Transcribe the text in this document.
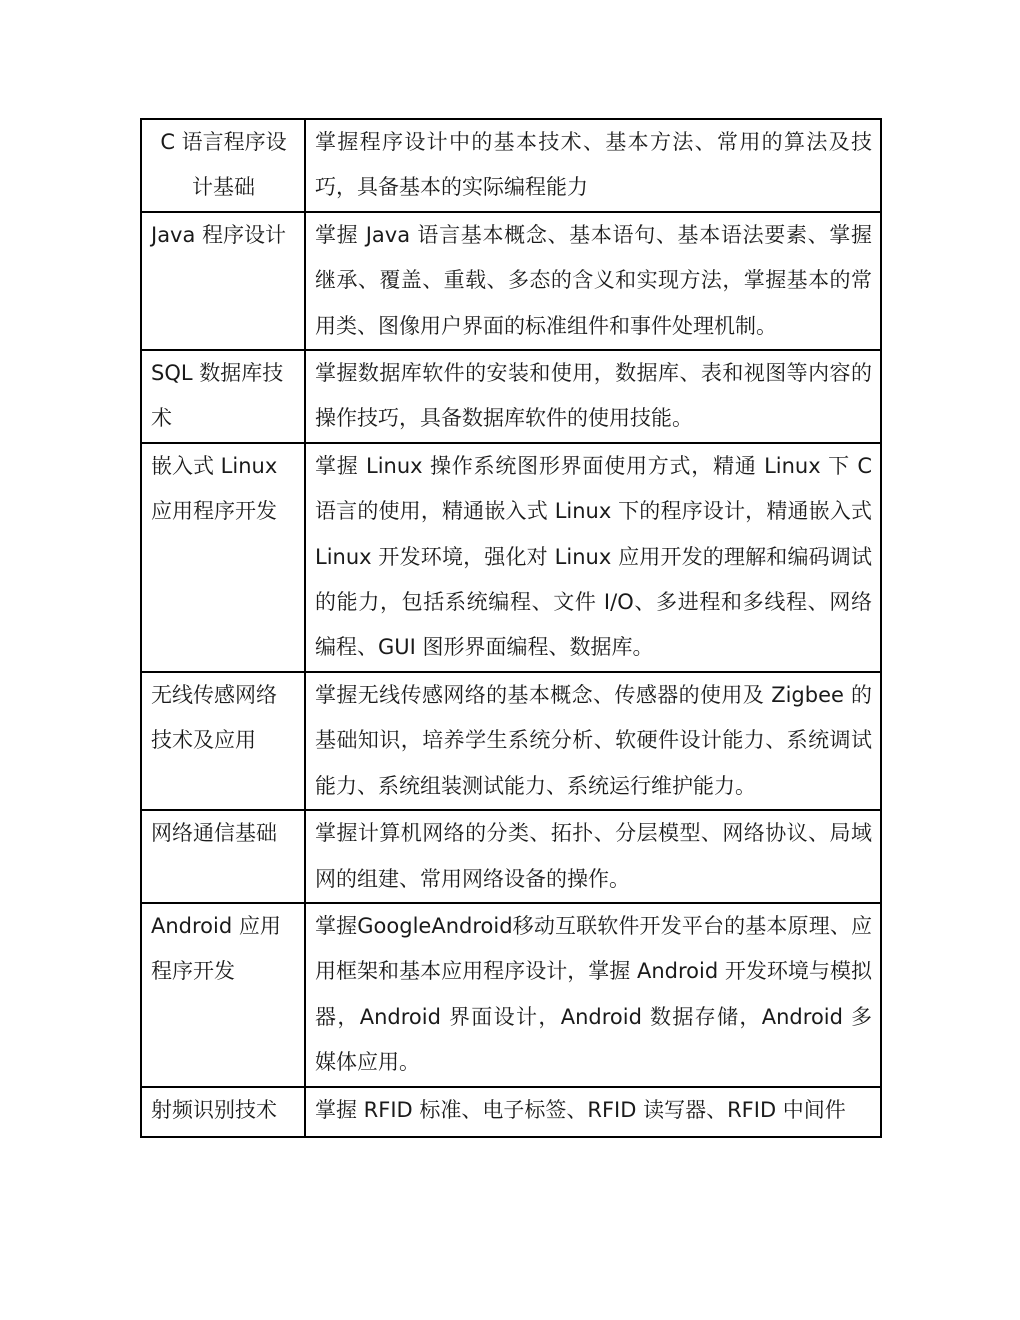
C 语言程序设计基础	掌握程序设计中的基本技术、基本方法、常用的算法及技巧，具备基本的实际编程能力
Java 程序设计	掌握 Java 语言基本概念、基本语句、基本语法要素、掌握继承、覆盖、重载、多态的含义和实现方法，掌握基本的常用类、图像用户界面的标准组件和事件处理机制。
SQL 数据库技术	掌握数据库软件的安装和使用，数据库、表和视图等内容的操作技巧，具备数据库软件的使用技能。
嵌入式 Linux 应用程序开发	掌握 Linux 操作系统图形界面使用方式，精通 Linux 下 C 语言的使用，精通嵌入式 Linux 下的程序设计，精通嵌入式 Linux 开发环境，强化对 Linux 应用开发的理解和编码调试的能力，包括系统编程、文件 I/O、多进程和多线程、网络编程、GUI 图形界面编程、数据库。
无线传感网络技术及应用	掌握无线传感网络的基本概念、传感器的使用及 Zigbee 的基础知识，培养学生系统分析、软硬件设计能力、系统调试能力、系统组装测试能力、系统运行维护能力。
网络通信基础	掌握计算机网络的分类、拓扑、分层模型、网络协议、局域网的组建、常用网络设备的操作。
Android 应用程序开发	掌握GoogleAndroid移动互联软件开发平台的基本原理、应用框架和基本应用程序设计，掌握 Android 开发环境与模拟器，Android 界面设计，Android 数据存储，Android 多媒体应用。
射频识别技术	掌握 RFID 标准、电子标签、RFID 读写器、RFID 中间件
